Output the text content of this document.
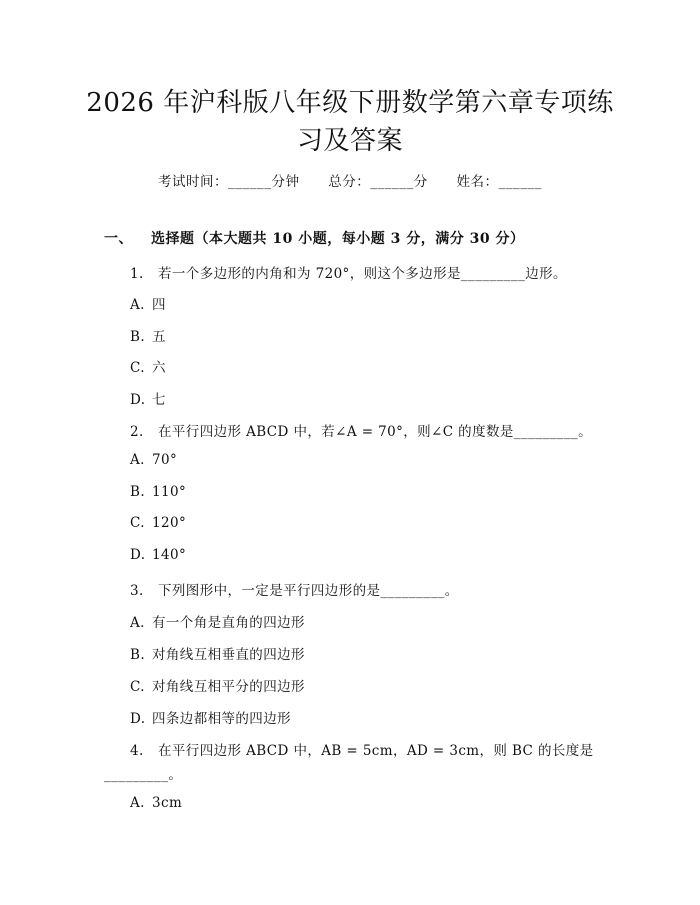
2026 年沪科版八年级下册数学第六章专项练
习及答案
考试时间：______分钟 总分：______分 姓名：______
一、 选择题（本大题共 10 小题，每小题 3 分，满分 30 分）
1. 若一个多边形的内角和为 720°，则这个多边形是_________边形。
A. 四
B. 五
C. 六
D. 七
2. 在平行四边形 ABCD 中，若∠A = 70°，则∠C 的度数是_________。
A. 70°
B. 110°
C. 120°
D. 140°
3. 下列图形中，一定是平行四边形的是_________。
A. 有一个角是直角的四边形
B. 对角线互相垂直的四边形
C. 对角线互相平分的四边形
D. 四条边都相等的四边形
4. 在平行四边形 ABCD 中，AB = 5cm，AD = 3cm，则 BC 的长度是
_________。
A. 3cm
